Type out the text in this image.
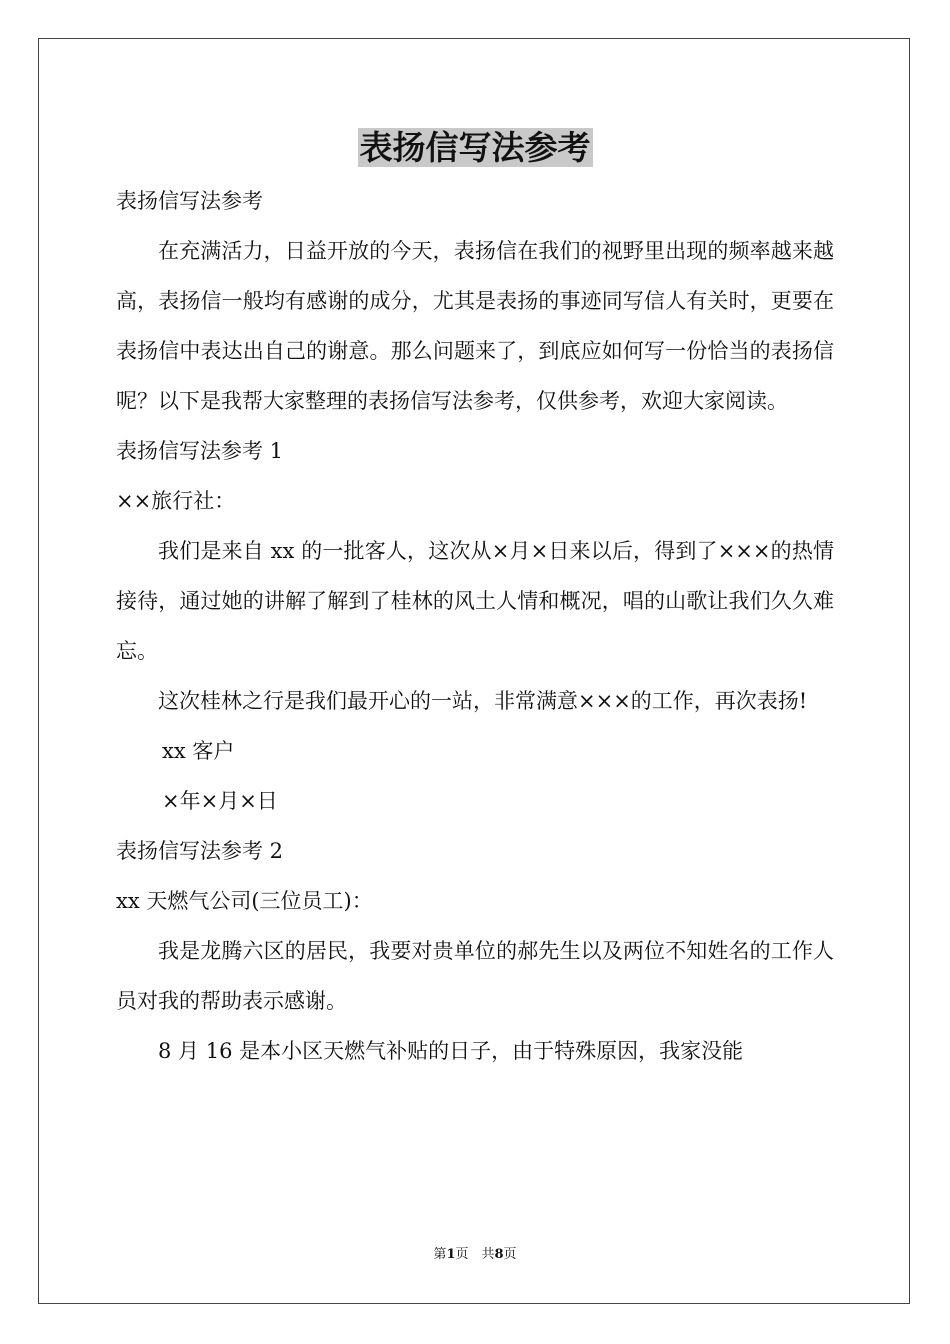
表扬信写法参考

表扬信写法参考

在充满活力，日益开放的今天，表扬信在我们的视野里出现的频率越来越高，表扬信一般均有感谢的成分，尤其是表扬的事迹同写信人有关时，更要在表扬信中表达出自己的谢意。那么问题来了，到底应如何写一份恰当的表扬信呢？以下是我帮大家整理的表扬信写法参考，仅供参考，欢迎大家阅读。

表扬信写法参考 1

××旅行社：

我们是来自 xx 的一批客人，这次从×月×日来以后，得到了×××的热情接待，通过她的讲解了解到了桂林的风土人情和概况，唱的山歌让我们久久难忘。

这次桂林之行是我们最开心的一站，非常满意×××的工作，再次表扬!

xx 客户

×年×月×日

表扬信写法参考 2

xx 天燃气公司(三位员工)：

我是龙腾六区的居民，我要对贵单位的郝先生以及两位不知姓名的工作人员对我的帮助表示感谢。

8 月 16 是本小区天燃气补贴的日子，由于特殊原因，我家没能

第1页　共8页
